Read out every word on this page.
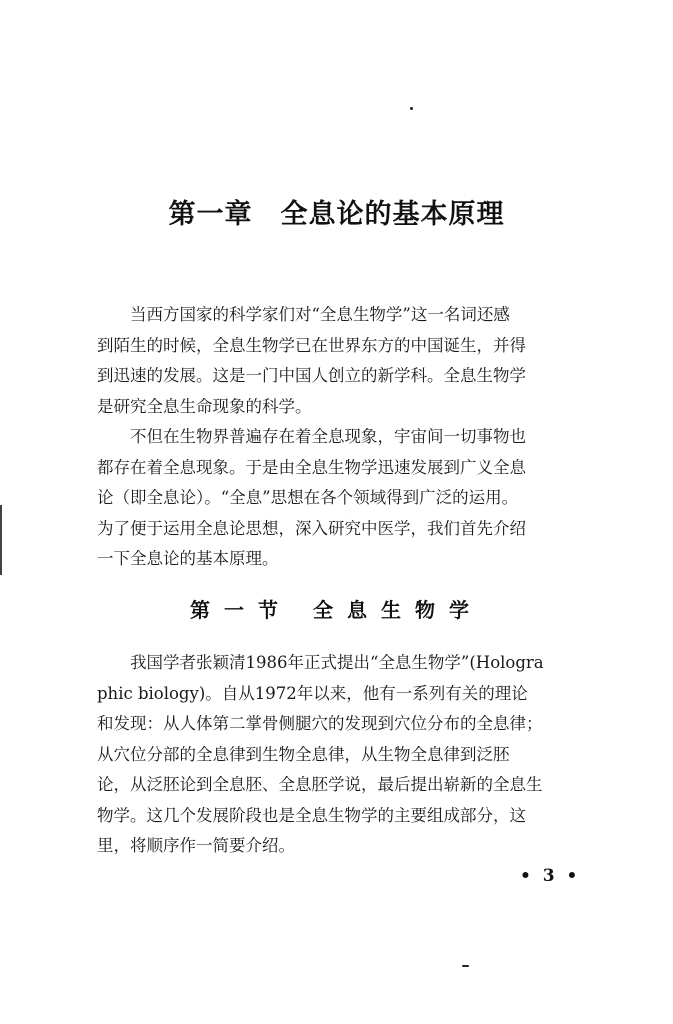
第一章　全息论的基本原理
当西方国家的科学家们对“全息生物学”这一名词还感
到陌生的时候，全息生物学已在世界东方的中国诞生，并得
到迅速的发展。这是一门中国人创立的新学科。全息生物学
是研究全息生命现象的科学。
不但在生物界普遍存在着全息现象，宇宙间一切事物也
都存在着全息现象。于是由全息生物学迅速发展到广义全息
论（即全息论）。“全息”思想在各个领域得到广泛的运用。
为了便于运用全息论思想，深入研究中医学，我们首先介绍
一下全息论的基本原理。
第一节 全息生物学
我国学者张颖清1986年正式提出“全息生物学”(Hologra
phic biology)。自从1972年以来，他有一系列有关的理论
和发现：从人体第二掌骨侧腿穴的发现到穴位分布的全息律；
从穴位分部的全息律到生物全息律，从生物全息律到泛胚
论，从泛胚论到全息胚、全息胚学说，最后提出崭新的全息生
物学。这几个发展阶段也是全息生物学的主要组成部分，这
里，将顺序作一简要介绍。
• 3 •
